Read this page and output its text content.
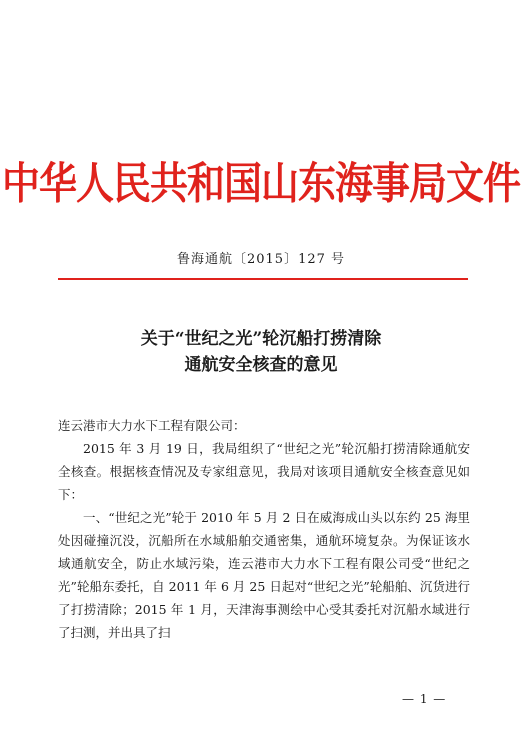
中华人民共和国山东海事局文件
鲁海通航〔2015〕127 号
关于“世纪之光”轮沉船打捞清除
通航安全核查的意见

连云港市大力水下工程有限公司：

2015 年 3 月 19 日，我局组织了“世纪之光”轮沉船打捞清除通航安全核查。根据核查情况及专家组意见，我局对该项目通航安全核查意见如下：

一、“世纪之光”轮于 2010 年 5 月 2 日在威海成山头以东约 25 海里处因碰撞沉没，沉船所在水域船舶交通密集，通航环境复杂。为保证该水域通航安全，防止水域污染，连云港市大力水下工程有限公司受“世纪之光”轮船东委托，自 2011 年 6 月 25 日起对“世纪之光”轮船舶、沉货进行了打捞清除；2015 年 1 月，天津海事测绘中心受其委托对沉船水域进行了扫测，并出具了扫

— 1 —
